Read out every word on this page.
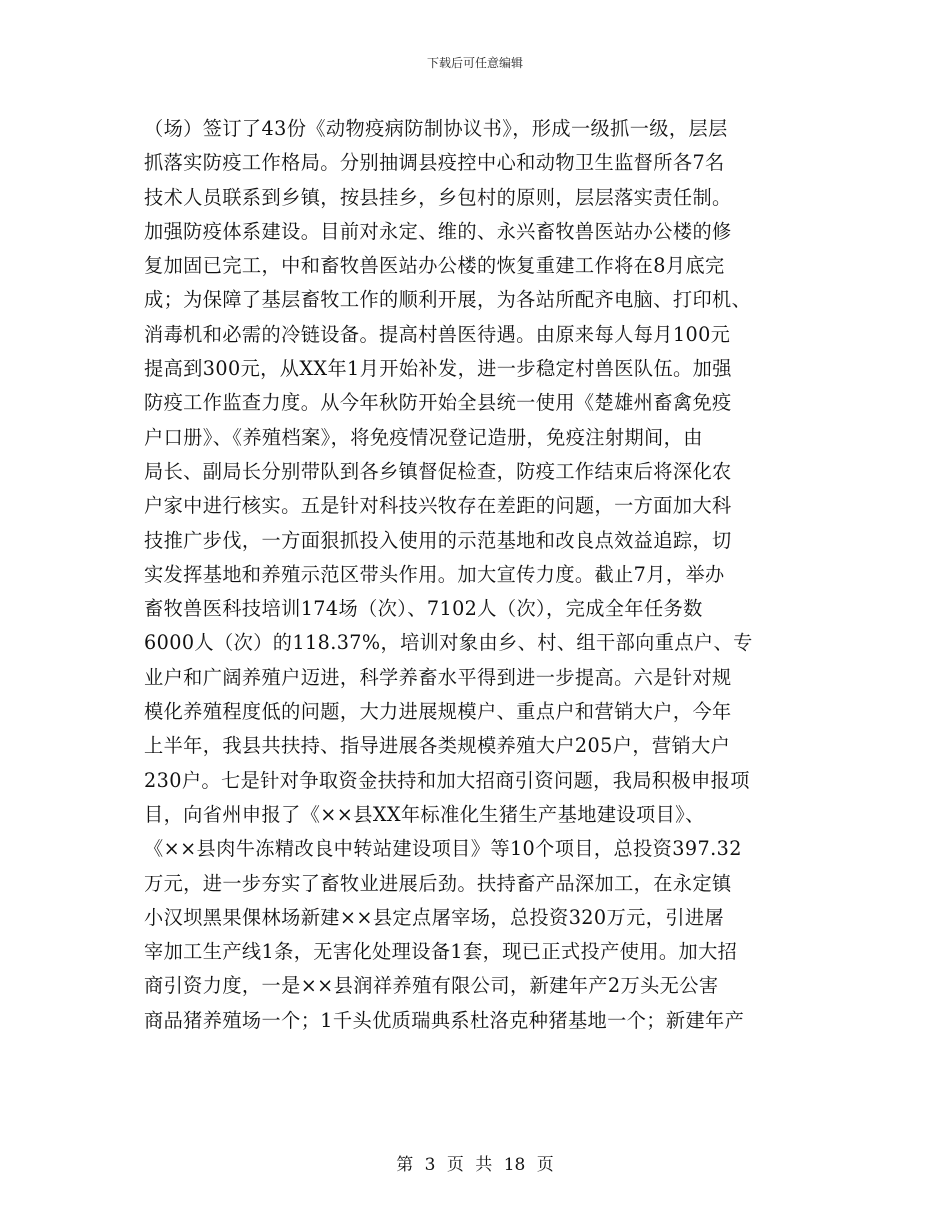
下载后可任意编辑
（场）签订了43份《动物疫病防制协议书》，形成一级抓一级，层层
抓落实防疫工作格局。分别抽调县疫控中心和动物卫生监督所各7名
技术人员联系到乡镇，按县挂乡，乡包村的原则，层层落实责任制。
加强防疫体系建设。目前对永定、维的、永兴畜牧兽医站办公楼的修
复加固已完工，中和畜牧兽医站办公楼的恢复重建工作将在8月底完
成；为保障了基层畜牧工作的顺利开展，为各站所配齐电脑、打印机、
消毒机和必需的冷链设备。提高村兽医待遇。由原来每人每月100元
提高到300元，从XX年1月开始补发，进一步稳定村兽医队伍。加强
防疫工作监查力度。从今年秋防开始全县统一使用《楚雄州畜禽免疫
户口册》、《养殖档案》，将免疫情况登记造册，免疫注射期间，由
局长、副局长分别带队到各乡镇督促检查，防疫工作结束后将深化农
户家中进行核实。五是针对科技兴牧存在差距的问题，一方面加大科
技推广步伐，一方面狠抓投入使用的示范基地和改良点效益追踪，切
实发挥基地和养殖示范区带头作用。加大宣传力度。截止7月，举办
畜牧兽医科技培训174场（次）、7102人（次），完成全年任务数
6000人（次）的118.37%，培训对象由乡、村、组干部向重点户、专
业户和广阔养殖户迈进，科学养畜水平得到进一步提高。六是针对规
模化养殖程度低的问题，大力进展规模户、重点户和营销大户，今年
上半年，我县共扶持、指导进展各类规模养殖大户205户，营销大户
230户。七是针对争取资金扶持和加大招商引资问题，我局积极申报项
目，向省州申报了《××县XX年标准化生猪生产基地建设项目》、
《××县肉牛冻精改良中转站建设项目》等10个项目，总投资397.32
万元，进一步夯实了畜牧业进展后劲。扶持畜产品深加工，在永定镇
小汉坝黑果倮林场新建××县定点屠宰场，总投资320万元，引进屠
宰加工生产线1条，无害化处理设备1套，现已正式投产使用。加大招
商引资力度，一是××县润祥养殖有限公司，新建年产2万头无公害
商品猪养殖场一个；1千头优质瑞典系杜洛克种猪基地一个；新建年产
第 3 页 共 18 页
